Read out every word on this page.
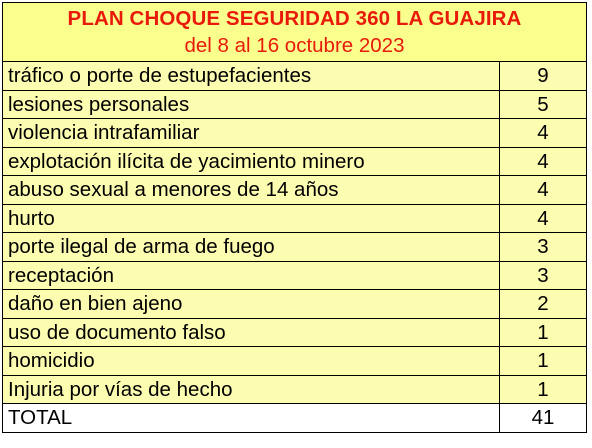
PLAN CHOQUE SEGURIDAD 360 LA GUAJIRA
del 8 al 16 octubre 2023	

tráfico o porte de estupefacientes	9
lesiones personales	5
violencia intrafamiliar	4
explotación ilícita de yacimiento minero	4
abuso sexual a menores de 14 años	4
hurto	4
porte ilegal de arma de fuego	3
receptación	3
daño en bien ajeno	2
uso de documento falso	1
homicidio	1
Injuria por vías de hecho	1
TOTAL	41
